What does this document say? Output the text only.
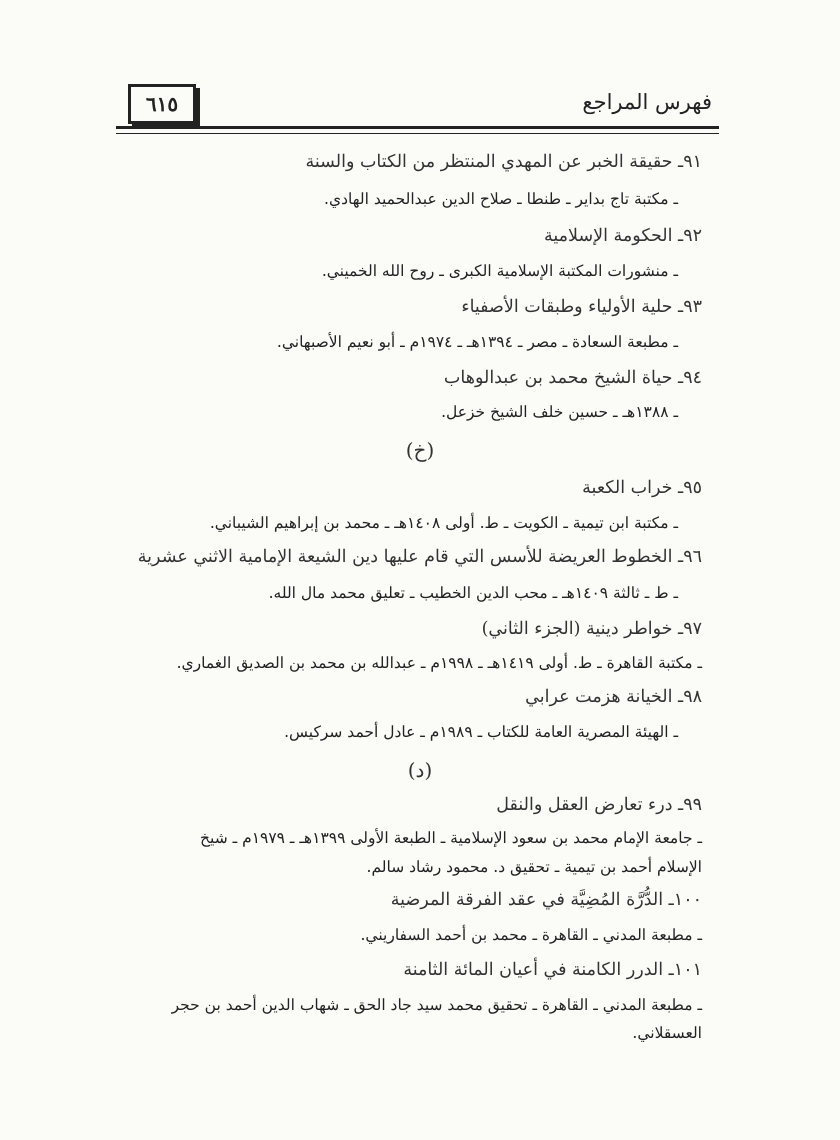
فهرس المراجع
٦١٥
٩١ـ حقيقة الخبر عن المهدي المنتظر من الكتاب والسنة
ـ مكتبة تاج بداير ـ طنطا ـ صلاح الدين عبدالحميد الهادي.
٩٢ـ الحكومة الإسلامية
ـ منشورات المكتبة الإسلامية الكبرى ـ روح الله الخميني.
٩٣ـ حلية الأولياء وطبقات الأصفياء
ـ مطبعة السعادة ـ مصر ـ ١٣٩٤هـ ـ ١٩٧٤م ـ أبو نعيم الأصبهاني.
٩٤ـ حياة الشيخ محمد بن عبدالوهاب
ـ ١٣٨٨هـ ـ حسين خلف الشيخ خزعل.
(خ)
٩٥ـ خراب الكعبة
ـ مكتبة ابن تيمية ـ الكويت ـ ط. أولى ١٤٠٨هـ ـ محمد بن إبراهيم الشيباني.
٩٦ـ الخطوط العريضة للأسس التي قام عليها دين الشيعة الإمامية الاثني عشرية
ـ ط ـ ثالثة ١٤٠٩هـ ـ محب الدين الخطيب ـ تعليق محمد مال الله.
٩٧ـ خواطر دينية (الجزء الثاني)
ـ مكتبة القاهرة ـ ط. أولى ١٤١٩هـ ـ ١٩٩٨م ـ عبدالله بن محمد بن الصديق الغماري.
٩٨ـ الخيانة هزمت عرابي
ـ الهيئة المصرية العامة للكتاب ـ ١٩٨٩م ـ عادل أحمد سركيس.
(د)
٩٩ـ درء تعارض العقل والنقل
ـ جامعة الإمام محمد بن سعود الإسلامية ـ الطبعة الأولى ١٣٩٩هـ ـ ١٩٧٩م ـ شيخ
الإسلام أحمد بن تيمية ـ تحقيق د. محمود رشاد سالم.
١٠٠ـ الدُّرَّة المُضِيَّة في عقد الفرقة المرضية
ـ مطبعة المدني ـ القاهرة ـ محمد بن أحمد السفاريني.
١٠١ـ الدرر الكامنة في أعيان المائة الثامنة
ـ مطبعة المدني ـ القاهرة ـ تحقيق محمد سيد جاد الحق ـ شهاب الدين أحمد بن حجر
العسقلاني.
